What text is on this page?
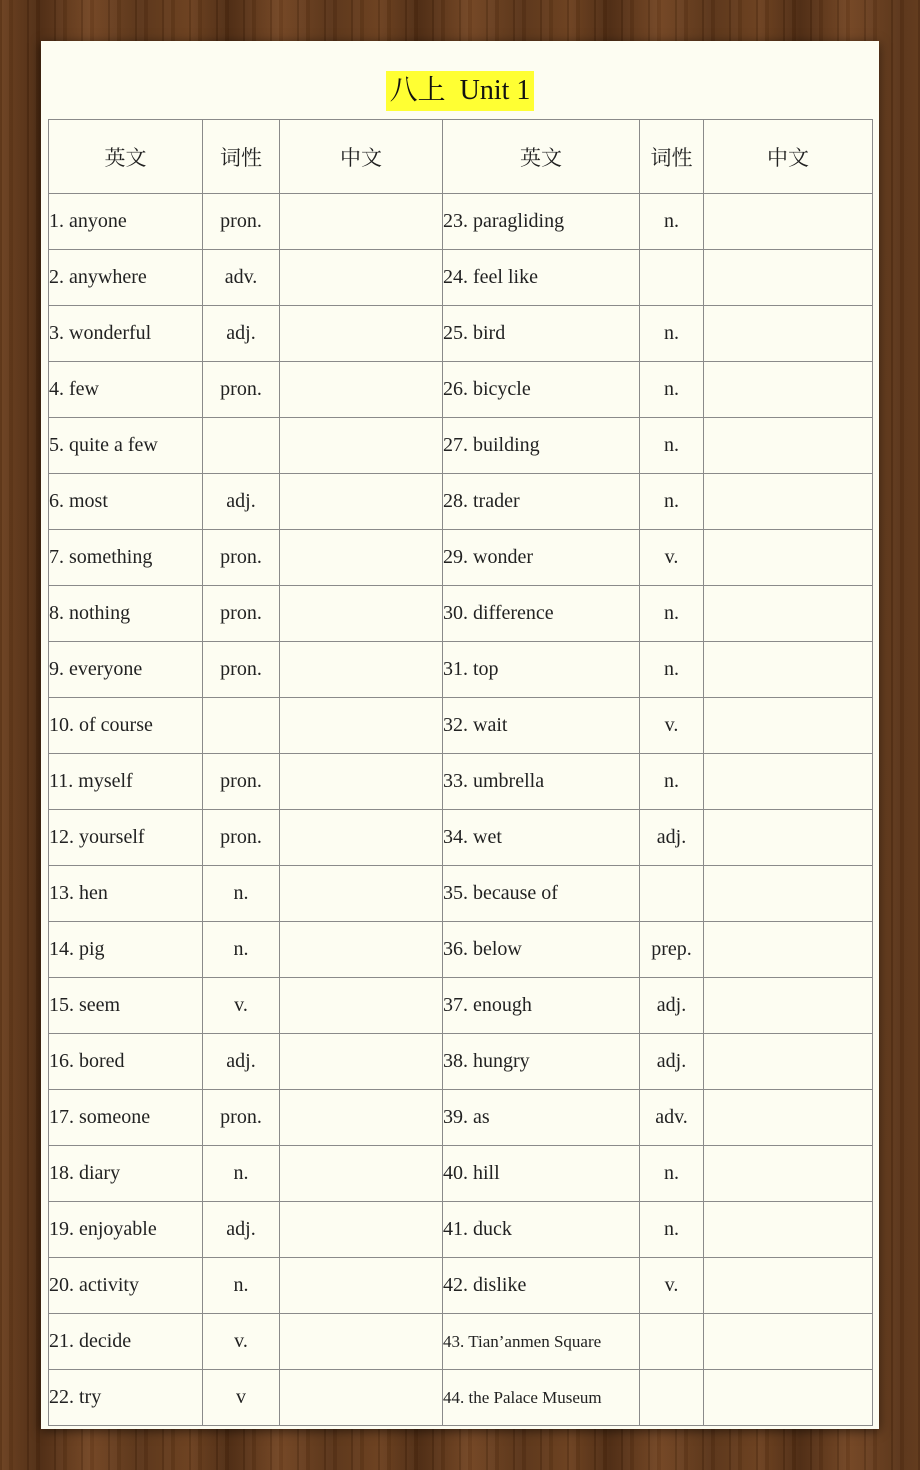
八上  Unit 1
英文	词性	中文	英文	词性	中文
1. anyone	pron.		23. paragliding	n.	
2. anywhere	adv.		24. feel like		
3. wonderful	adj.		25. bird	n.	
4. few	pron.		26. bicycle	n.	
5. quite a few			27. building	n.	
6. most	adj.		28. trader	n.	
7. something	pron.		29. wonder	v.	
8. nothing	pron.		30. difference	n.	
9. everyone	pron.		31. top	n.	
10. of course			32. wait	v.	
11. myself	pron.		33. umbrella	n.	
12. yourself	pron.		34. wet	adj.	
13. hen	n.		35. because of		
14. pig	n.		36. below	prep.	
15. seem	v.		37. enough	adj.	
16. bored	adj.		38. hungry	adj.	
17. someone	pron.		39. as	adv.	
18. diary	n.		40. hill	n.	
19. enjoyable	adj.		41. duck	n.	
20. activity	n.		42. dislike	v.	
21. decide	v.		43. Tian’anmen Square		
22. try	v		44. the Palace Museum		
